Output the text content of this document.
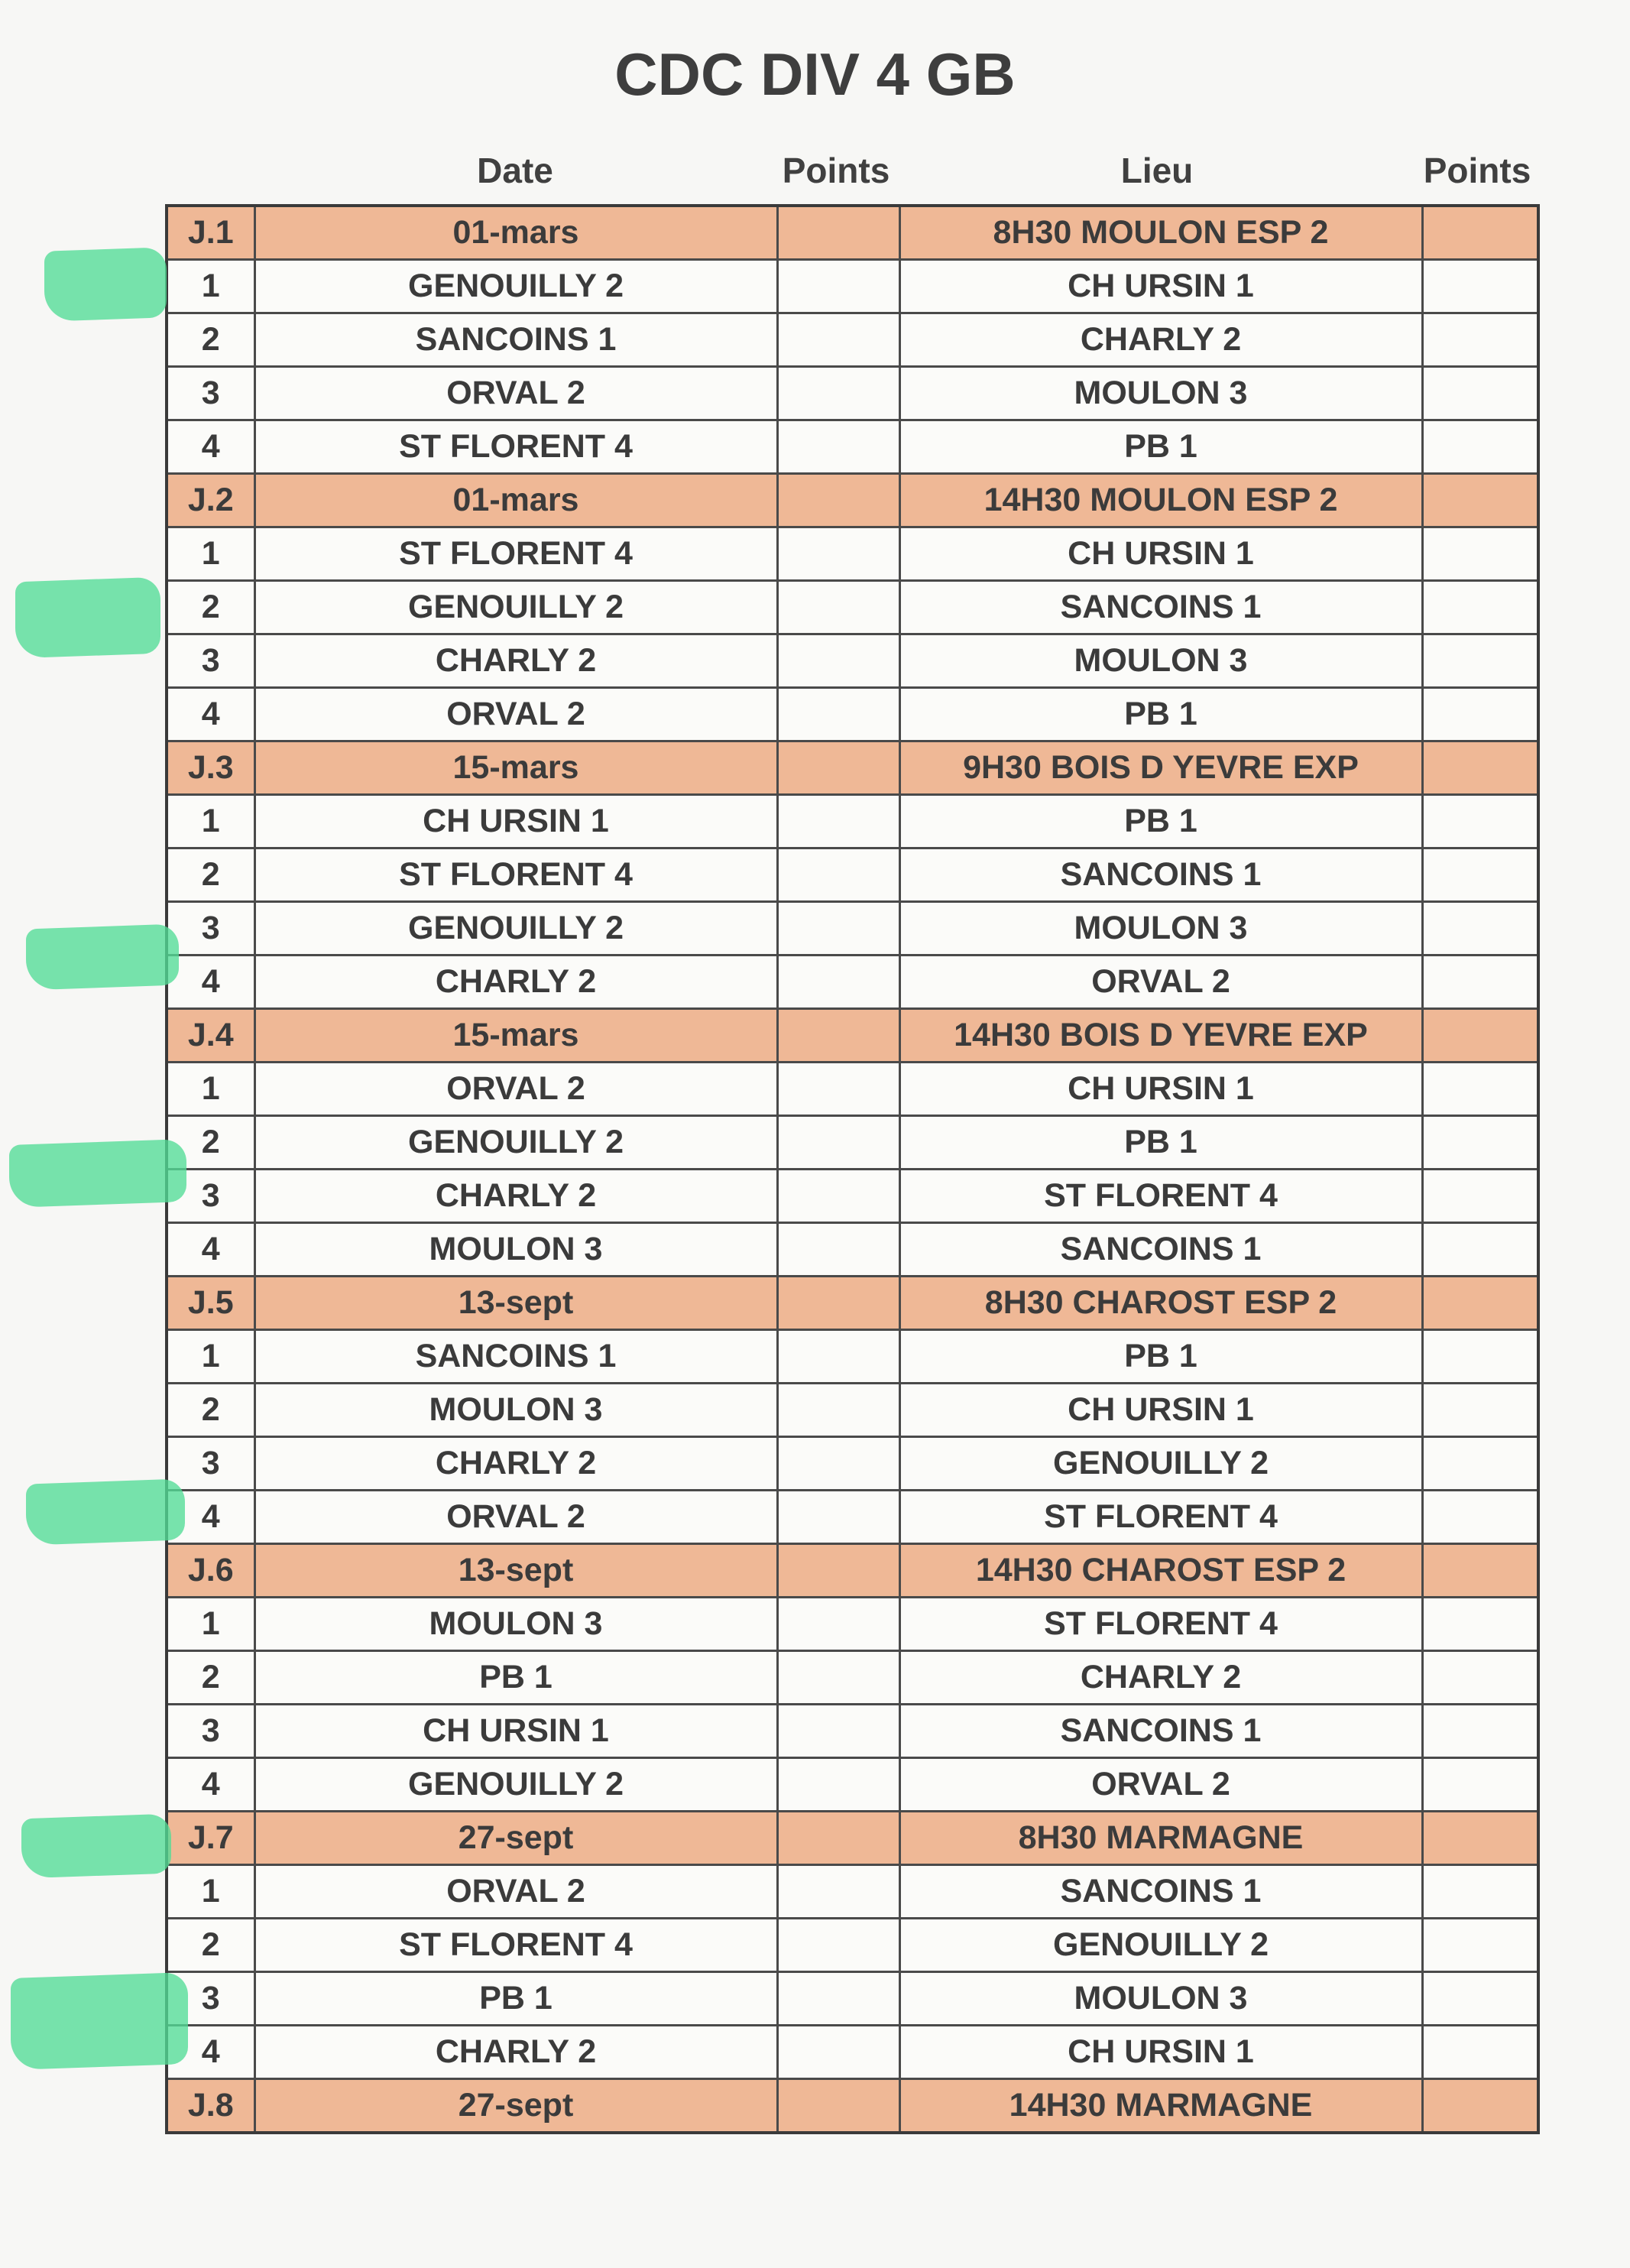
CDC DIV 4 GB
Date	Points	Lieu	Points
J.1	01-mars		8H30 MOULON ESP 2	
1	GENOUILLY 2		CH URSIN 1	
2	SANCOINS 1		CHARLY 2	
3	ORVAL 2		MOULON 3	
4	ST FLORENT 4		PB 1	
J.2	01-mars		14H30 MOULON ESP 2	
1	ST FLORENT 4		CH URSIN 1	
2	GENOUILLY 2		SANCOINS 1	
3	CHARLY 2		MOULON 3	
4	ORVAL 2		PB 1	
J.3	15-mars		9H30 BOIS D YEVRE EXP	
1	CH URSIN 1		PB 1	
2	ST FLORENT 4		SANCOINS 1	
3	GENOUILLY 2		MOULON 3	
4	CHARLY 2		ORVAL 2	
J.4	15-mars		14H30 BOIS D YEVRE EXP	
1	ORVAL 2		CH URSIN 1	
2	GENOUILLY 2		PB 1	
3	CHARLY 2		ST FLORENT 4	
4	MOULON 3		SANCOINS 1	
J.5	13-sept		8H30 CHAROST ESP 2	
1	SANCOINS 1		PB 1	
2	MOULON 3		CH URSIN 1	
3	CHARLY 2		GENOUILLY 2	
4	ORVAL 2		ST FLORENT 4	
J.6	13-sept		14H30 CHAROST ESP 2	
1	MOULON 3		ST FLORENT 4	
2	PB 1		CHARLY 2	
3	CH URSIN 1		SANCOINS 1	
4	GENOUILLY 2		ORVAL 2	
J.7	27-sept		8H30 MARMAGNE	
1	ORVAL 2		SANCOINS 1	
2	ST FLORENT 4		GENOUILLY 2	
3	PB 1		MOULON 3	
4	CHARLY 2		CH URSIN 1	
J.8	27-sept		14H30 MARMAGNE	
